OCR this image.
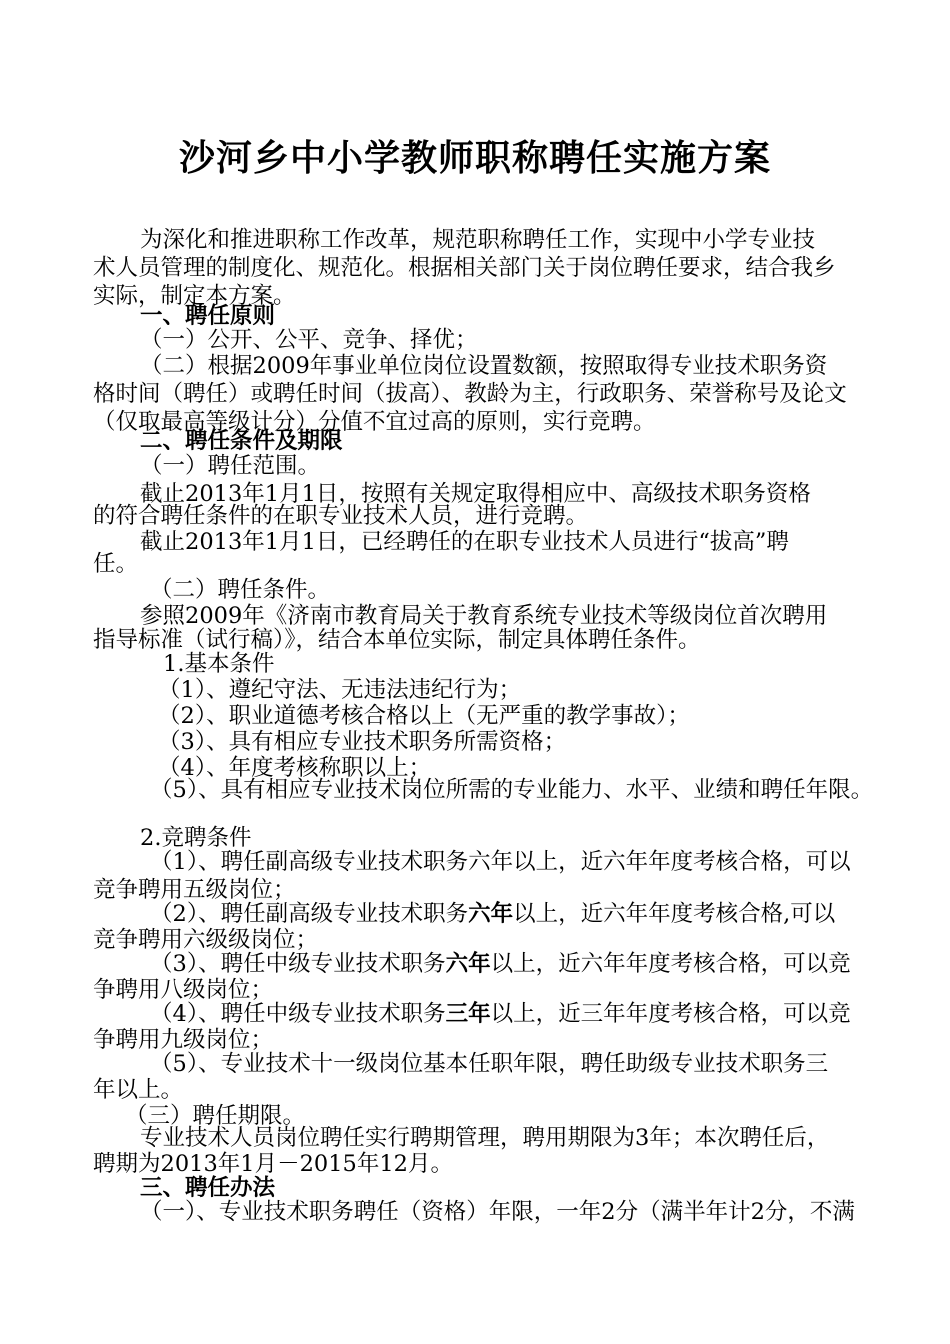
沙河乡中小学教师职称聘任实施方案

为深化和推进职称工作改革，规范职称聘任工作，实现中小学专业技

术人员管理的制度化、规范化。根据相关部门关于岗位聘任要求，结合我乡

实际，制定本方案。

一、聘任原则

（一）公开、公平、竞争、择优；

（二）根据2009年事业单位岗位设置数额，按照取得专业技术职务资

格时间（聘任）或聘任时间（拔高）、教龄为主，行政职务、荣誉称号及论文

（仅取最高等级计分）分值不宜过高的原则，实行竞聘。

二、聘任条件及期限

（一）聘任范围。

截止2013年1月1日，按照有关规定取得相应中、高级技术职务资格

的符合聘任条件的在职专业技术人员，进行竞聘。

截止2013年1月1日，已经聘任的在职专业技术人员进行“拔高”聘

任。

（二）聘任条件。

参照2009年《济南市教育局关于教育系统专业技术等级岗位首次聘用

指导标准（试行稿）》，结合本单位实际，制定具体聘任条件。

1.基本条件

（1）、遵纪守法、无违法违纪行为；

（2）、职业道德考核合格以上（无严重的教学事故）；

（3）、具有相应专业技术职务所需资格；

（4）、年度考核称职以上；

（5）、具有相应专业技术岗位所需的专业能力、水平、业绩和聘任年限。

2.竞聘条件

（1）、聘任副高级专业技术职务六年以上，近六年年度考核合格，可以

竞争聘用五级岗位；

（2）、聘任副高级专业技术职务六年以上，近六年年度考核合格,可以

竞争聘用六级级岗位；

（3）、聘任中级专业技术职务六年以上，近六年年度考核合格，可以竞

争聘用八级岗位；

（4）、聘任中级专业技术职务三年以上，近三年年度考核合格，可以竞

争聘用九级岗位；

（5）、专业技术十一级岗位基本任职年限，聘任助级专业技术职务三

年以上。

（三）聘任期限。

专业技术人员岗位聘任实行聘期管理，聘用期限为3年；本次聘任后，

聘期为2013年1月－2015年12月。

三、聘任办法

（一）、专业技术职务聘任（资格）年限，一年2分（满半年计2分，不满
